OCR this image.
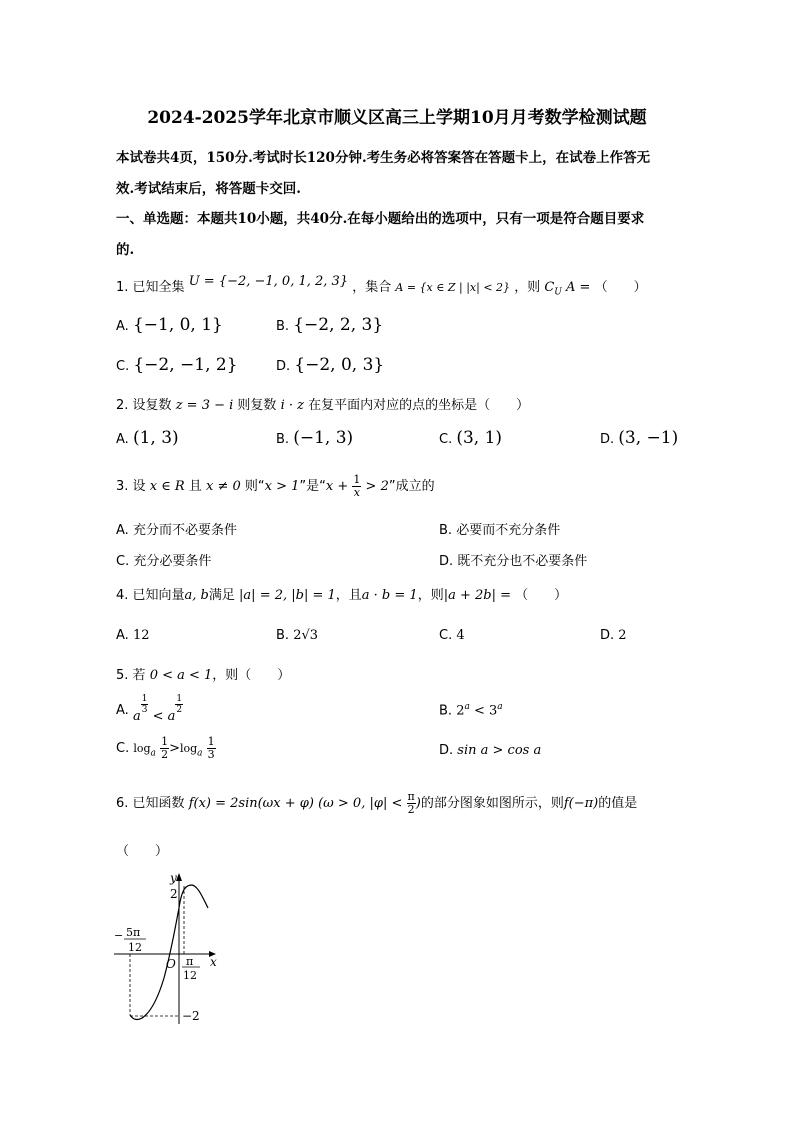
2024-2025学年北京市顺义区高三上学期10月月考数学检测试题
本试卷共4页，150分.考试时长120分钟.考生务必将答案答在答题卡上，在试卷上作答无
效.考试结束后，将答题卡交回.
一、单选题：本题共10小题，共40分.在每小题给出的选项中，只有一项是符合题目要求
的.
1. 已知全集 U = {−2, −1, 0, 1, 2, 3} ，集合 A = {x ∈ Z | |x| < 2} ，则 $C_U$ A = （　　）
A. {−1, 0, 1}	B. {−2, 2, 3}
C. {−2, −1, 2}	D. {−2, 0, 3}
2. 设复数 z = 3 − i 则复数 i · z 在复平面内对应的点的坐标是（　　）
A. (1, 3)	B. (−1, 3)	C. (3, 1)	D. (3, −1)
3. 设 x ∈ R 且 x ≠ 0 则“x > 1”是“$x + \frac{1}{x} > 2$”成立的
A. 充分而不必要条件	B. 必要而不充分条件
C. 充分必要条件	D. 既不充分也不必要条件
4. 已知向量a, b满足 |a| = 2, |b| = 1，且a · b = 1，则|a + 2b| = （　　）
A. 12	B. 2√3	C. 4	D. 2
5. 若 0 < a < 1，则（　　）
A. a
$\frac{1}{3}$
< a
$\frac{1}{2}$	B. $2^a < 3^a$
C. $\log_a \frac{1}{2} >\log_a \frac{1}{3}$	D. sin a > cos a
6. 已知函数 f(x) = 2sin(ωx + φ) (ω > 0, $|\varphi| < \frac{\pi}{2}$ )的部分图象如图所示，则f(−π)的值是
（　　）
y
x
O
2
−2
− 5π
12
π
12
